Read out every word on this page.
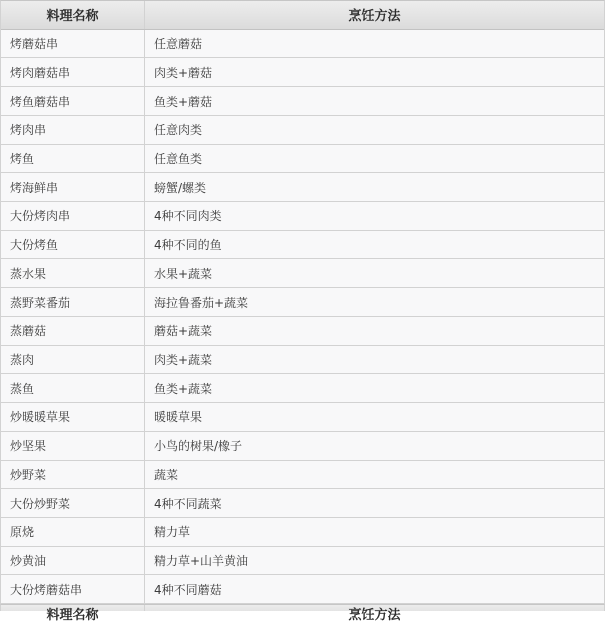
料理名称	烹饪方法
烤蘑菇串	任意蘑菇
烤肉蘑菇串	肉类+蘑菇
烤鱼蘑菇串	鱼类+蘑菇
烤肉串	任意肉类
烤鱼	任意鱼类
烤海鲜串	螃蟹/螺类
大份烤肉串	4种不同肉类
大份烤鱼	4种不同的鱼
蒸水果	水果+蔬菜
蒸野菜番茄	海拉鲁番茄+蔬菜
蒸蘑菇	蘑菇+蔬菜
蒸肉	肉类+蔬菜
蒸鱼	鱼类+蔬菜
炒暖暖草果	暖暖草果
炒坚果	小鸟的树果/橡子
炒野菜	蔬菜
大份炒野菜	4种不同蔬菜
原烧	精力草
炒黄油	精力草+山羊黄油
大份烤蘑菇串	4种不同蘑菇
料理名称	烹饪方法
